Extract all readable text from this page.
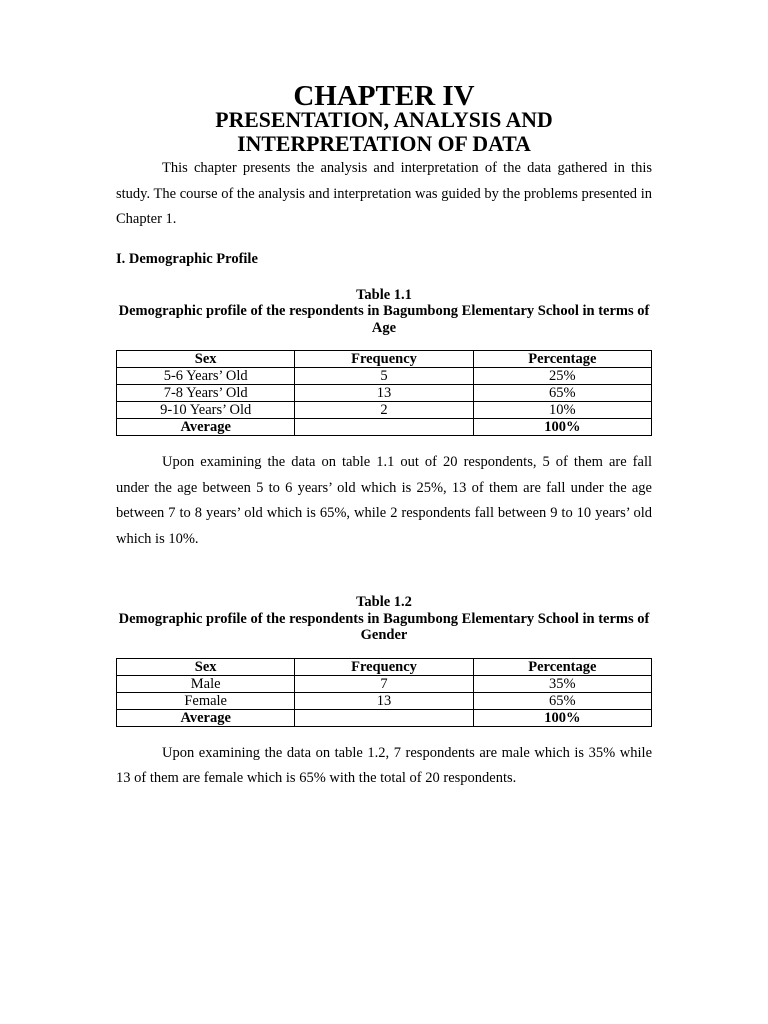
CHAPTER IV
PRESENTATION, ANALYSIS AND INTERPRETATION OF DATA

This chapter presents the analysis and interpretation of the data gathered in this study. The course of the analysis and interpretation was guided by the problems presented in Chapter 1.

I. Demographic Profile
Table 1.1
Demographic profile of the respondents in Bagumbong Elementary School in terms of Age
Sex	Frequency	Percentage
5-6 Years’ Old	5	25%
7-8 Years’ Old	13	65%
9-10 Years’ Old	2	10%
Average		100%

Upon examining the data on table 1.1 out of 20 respondents, 5 of them are fall under the age between 5 to 6 years’ old which is 25%, 13 of them are fall under the age between 7 to 8 years’ old which is 65%, while 2 respondents fall between 9 to 10 years’ old which is 10%.

Table 1.2
Demographic profile of the respondents in Bagumbong Elementary School in terms of Gender
Sex	Frequency	Percentage
Male	7	35%
Female	13	65%
Average		100%

Upon examining the data on table 1.2, 7 respondents are male which is 35% while 13 of them are female which is 65% with the total of 20 respondents.
